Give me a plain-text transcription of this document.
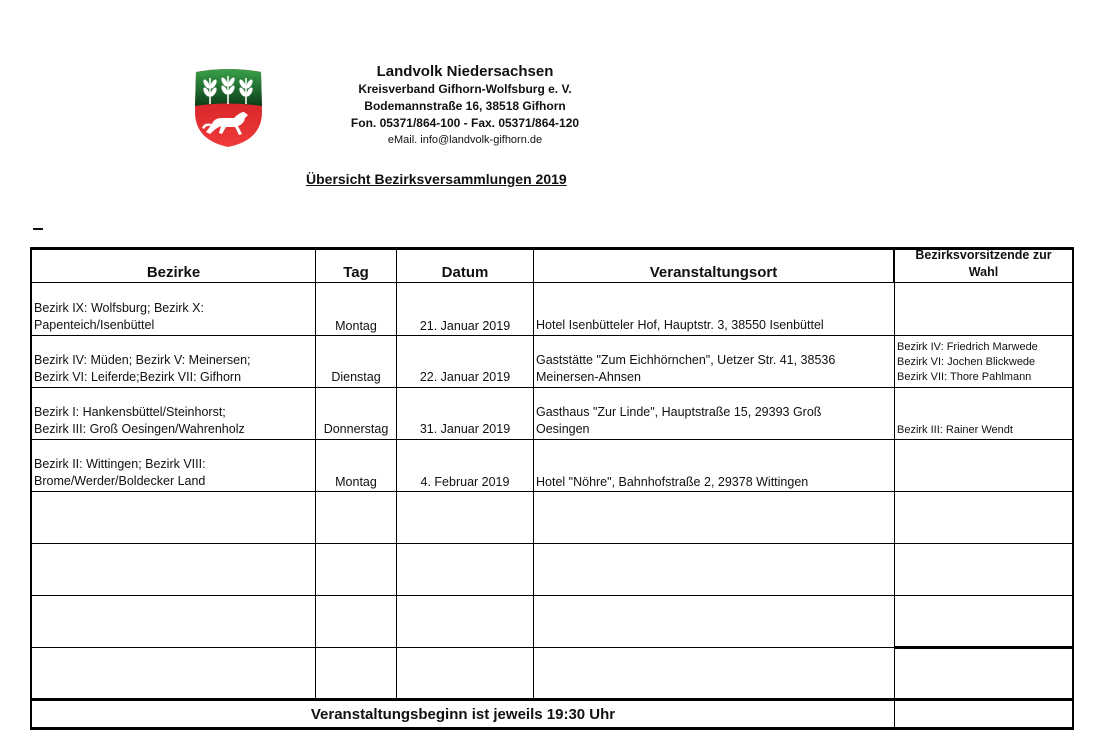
Landvolk Niedersachsen
Kreisverband Gifhorn-Wolfsburg e. V.
Bodemannstraße 16, 38518 Gifhorn
Fon. 05371/864-100 - Fax. 05371/864-120
eMail. info@landvolk-gifhorn.de
Übersicht Bezirksversammlungen 2019
Bezirke	Tag	Datum	Veranstaltungsort
Bezirksvorsitzende zur
Wahl
Bezirk IX: Wolfsburg; Bezirk X:
Papenteich/Isenbüttel	Montag	21. Januar 2019	Hotel Isenbütteler Hof, Hauptstr. 3, 38550 Isenbüttel
Bezirk IV: Müden; Bezirk V: Meinersen;
Bezirk VI: Leiferde;Bezirk VII: Gifhorn	Dienstag	22. Januar 2019
Gaststätte "Zum Eichhörnchen", Uetzer Str. 41, 38536
Meinersen-Ahnsen
Bezirk IV: Friedrich Marwede
Bezirk VI: Jochen Blickwede
Bezirk VII: Thore Pahlmann
Bezirk I: Hankensbüttel/Steinhorst;
Bezirk III: Groß Oesingen/Wahrenholz	Donnerstag	31. Januar 2019
Gasthaus "Zur Linde", Hauptstraße 15, 29393 Groß
Oesingen	Bezirk III: Rainer Wendt
Bezirk II: Wittingen; Bezirk VIII:
Brome/Werder/Boldecker Land	Montag	4. Februar 2019	Hotel "Nöhre", Bahnhofstraße 2, 29378 Wittingen
Veranstaltungsbeginn ist jeweils 19:30 Uhr
